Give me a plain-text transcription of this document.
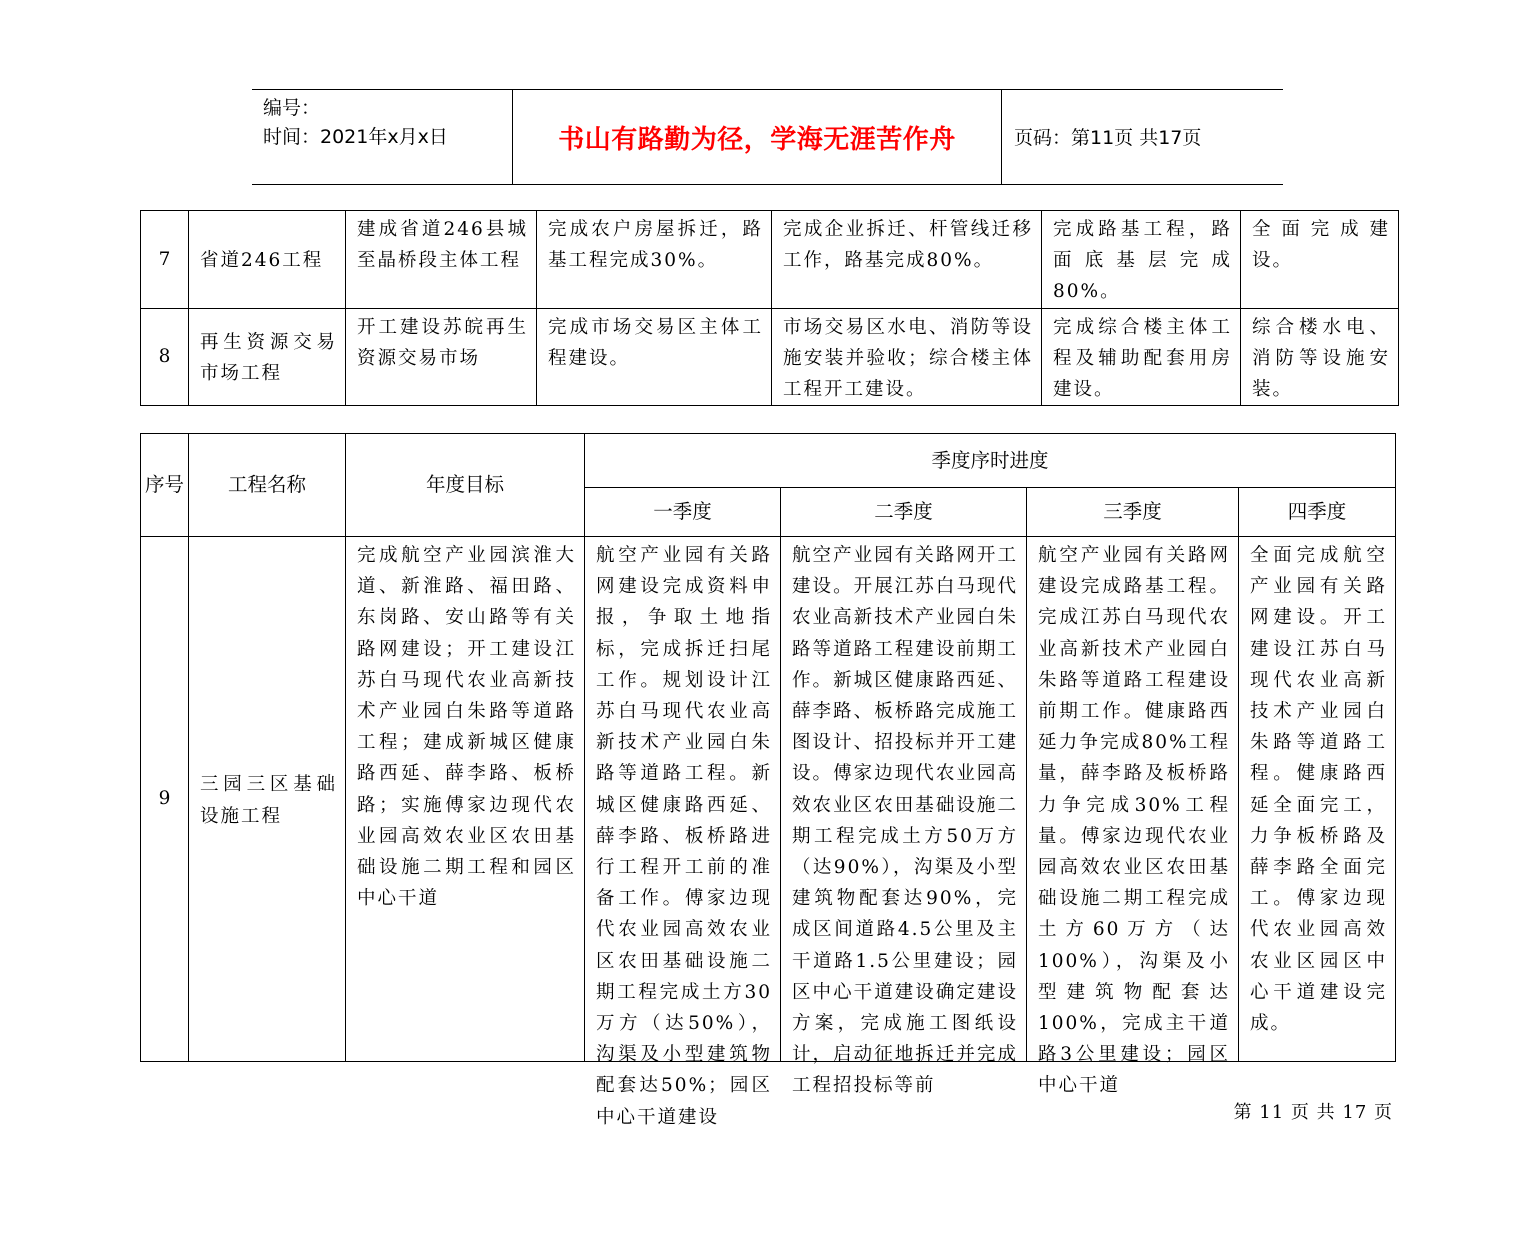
编号：
时间：2021年x月x日	书山有路勤为径，学海无涯苦作舟	页码：第11页 共17页
7	省道246工程	建成省道246县城至晶桥段主体工程	完成农户房屋拆迁，路基工程完成30%。	完成企业拆迁、杆管线迁移工作，路基完成80%。	完成路基工程，路面底基层完成80%。	全面完成建设。
8	再生资源交易市场工程	开工建设苏皖再生资源交易市场	完成市场交易区主体工程建设。	市场交易区水电、消防等设施安装并验收；综合楼主体工程开工建设。	完成综合楼主体工程及辅助配套用房建设。	综合楼水电、消防等设施安装。
序号	工程名称	年度目标	季度序时进度			
			一季度	二季度	三季度	四季度
9	三园三区基础设施工程	完成航空产业园滨淮大道、新淮路、福田路、东岗路、安山路等有关路网建设；开工建设江苏白马现代农业高新技术产业园白朱路等道路工程；建成新城区健康路西延、薛李路、板桥路；实施傅家边现代农业园高效农业区农田基础设施二期工程和园区中心干道	航空产业园有关路网建设完成资料申报，争取土地指标，完成拆迁扫尾工作。规划设计江苏白马现代农业高新技术产业园白朱路等道路工程。新城区健康路西延、薛李路、板桥路进行工程开工前的准备工作。傅家边现代农业园高效农业区农田基础设施二期工程完成土方30万方（达50%），沟渠及小型建筑物配套达50%；园区中心干道建设	航空产业园有关路网开工建设。开展江苏白马现代农业高新技术产业园白朱路等道路工程建设前期工作。新城区健康路西延、薛李路、板桥路完成施工图设计、招投标并开工建设。傅家边现代农业园高效农业区农田基础设施二期工程完成土方50万方（达90%），沟渠及小型建筑物配套达90%，完成区间道路4.5公里及主干道路1.5公里建设；园区中心干道建设确定建设方案，完成施工图纸设计，启动征地拆迁并完成工程招投标等前	航空产业园有关路网建设完成路基工程。完成江苏白马现代农业高新技术产业园白朱路等道路工程建设前期工作。健康路西延力争完成80%工程量，薛李路及板桥路力争完成30%工程量。傅家边现代农业园高效农业区农田基础设施二期工程完成土方60万方（达100%），沟渠及小型建筑物配套达100%，完成主干道路3公里建设；园区中心干道	全面完成航空产业园有关路网建设。开工建设江苏白马现代农业高新技术产业园白朱路等道路工程。健康路西延全面完工，力争板桥路及薛李路全面完工。傅家边现代农业园高效农业区园区中心干道建设完成。
第 11 页 共 17 页
